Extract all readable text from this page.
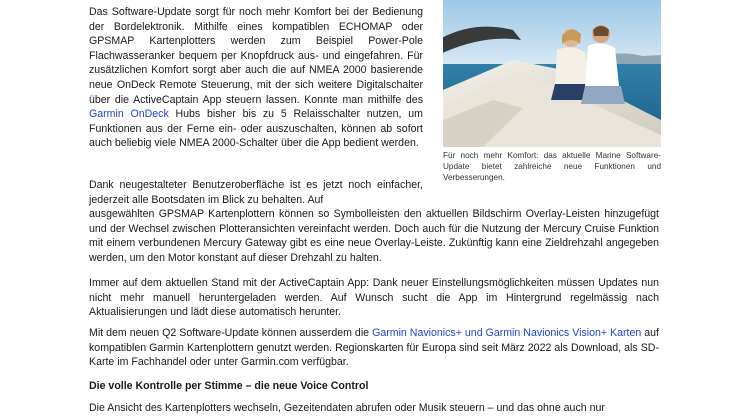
Das Software-Update sorgt für noch mehr Komfort bei der Bedienung der Bordelektronik. Mithilfe eines kompatiblen ECHOMAP oder GPSMAP Kartenplotters werden zum Beispiel Power-Pole Flachwasseranker bequem per Knopfdruck aus- und eingefahren. Für zusätzlichen Komfort sorgt aber auch die auf NMEA 2000 basierende neue OnDeck Remote Steuerung, mit der sich weitere Digitalschalter über die ActiveCaptain App steuern lassen. Konnte man mithilfe des Garmin OnDeck Hubs bisher bis zu 5 Relaisschalter nutzen, um Funktionen aus der Ferne ein- oder auszuschalten, können ab sofort auch beliebig viele NMEA 2000-Schalter über die App bedient werden.

Dank neugestalteter Benutzeroberfläche ist es jetzt noch einfacher, jederzeit alle Bootsdaten im Blick zu behalten. Auf

ausgewählten GPSMAP Kartenplottern können so Symbolleisten den aktuellen Bildschirm Overlay-Leisten hinzugefügt und der Wechsel zwischen Plotteransichten vereinfacht werden. Doch auch für die Nutzung der Mercury Cruise Funktion mit einem verbundenen Mercury Gateway gibt es eine neue Overlay-Leiste. Zukünftig kann eine Zieldrehzahl angegeben werden, um den Motor konstant auf dieser Drehzahl zu halten.

Immer auf dem aktuellen Stand mit der ActiveCaptain App: Dank neuer Einstellungsmöglichkeiten müssen Updates nun nicht mehr manuell heruntergeladen werden. Auf Wunsch sucht die App im Hintergrund regelmässig nach Aktualisierungen und lädt diese automatisch herunter.

Mit dem neuen Q2 Software-Update können ausserdem die Garmin Navionics+ und Garmin Navionics Vision+ Karten auf kompatiblen Garmin Kartenplottern genutzt werden. Regionskarten für Europa sind seit März 2022 als Download, als SD-Karte im Fachhandel oder unter Garmin.com verfügbar.

Die volle Kontrolle per Stimme – die neue Voice Control

Die Ansicht des Kartenplotters wechseln, Gezeitendaten abrufen oder Musik steuern – und das ohne auch nur

Für noch mehr Komfort: das aktuelle Marine Software-Update bietet zahlreiche neue Funktionen und Verbesserungen.
